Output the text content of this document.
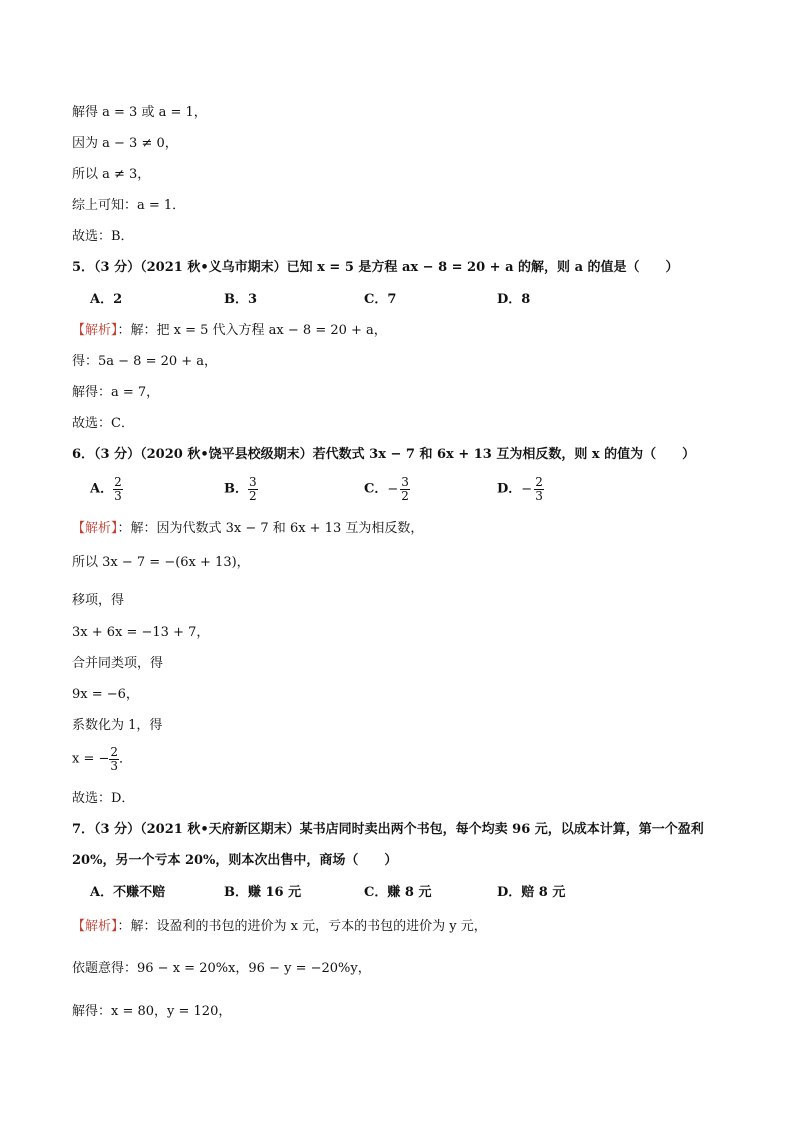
解得 a = 3 或 a = 1，
因为 a − 3 ≠ 0，
所以 a ≠ 3，
综上可知：a = 1．
故选：B．
5．（3 分）（2021 秋•义乌市期末）已知 x = 5 是方程 ax − 8 = 20 + a 的解，则 a 的值是（　　）
A．2	B．3	C．7	D．8
【解析】：解：把 x = 5 代入方程 ax − 8 = 20 + a，
得：5a − 8 = 20 + a，
解得：a = 7，
故选：C．
6．（3 分）（2020 秋•饶平县校级期末）若代数式 3x − 7 和 6x + 13 互为相反数，则 x 的值为（　　）
A． $\frac{2}{3}$	B． $\frac{3}{2}$	C．− $\frac{3}{2}$	D．− $\frac{2}{3}$
【解析】：解：因为代数式 3x − 7 和 6x + 13 互为相反数，
所以 3x − 7 = −(6x + 13)，
移项，得
3x + 6x = −13 + 7，
合并同类项，得
9x = −6，
系数化为 1，得
x = − $\frac{2}{3}$ ．
故选：D．
7．（3 分）（2021 秋•天府新区期末）某书店同时卖出两个书包，每个均卖 96 元，以成本计算，第一个盈利
20%，另一个亏本 20%，则本次出售中，商场（　　）
A．不赚不赔	B．赚 16 元	C．赚 8 元	D．赔 8 元
【解析】：解：设盈利的书包的进价为 x 元，亏本的书包的进价为 y 元，
依题意得：96 − x = 20%x，96 − y = −20%y，
解得：x = 80，y = 120，
